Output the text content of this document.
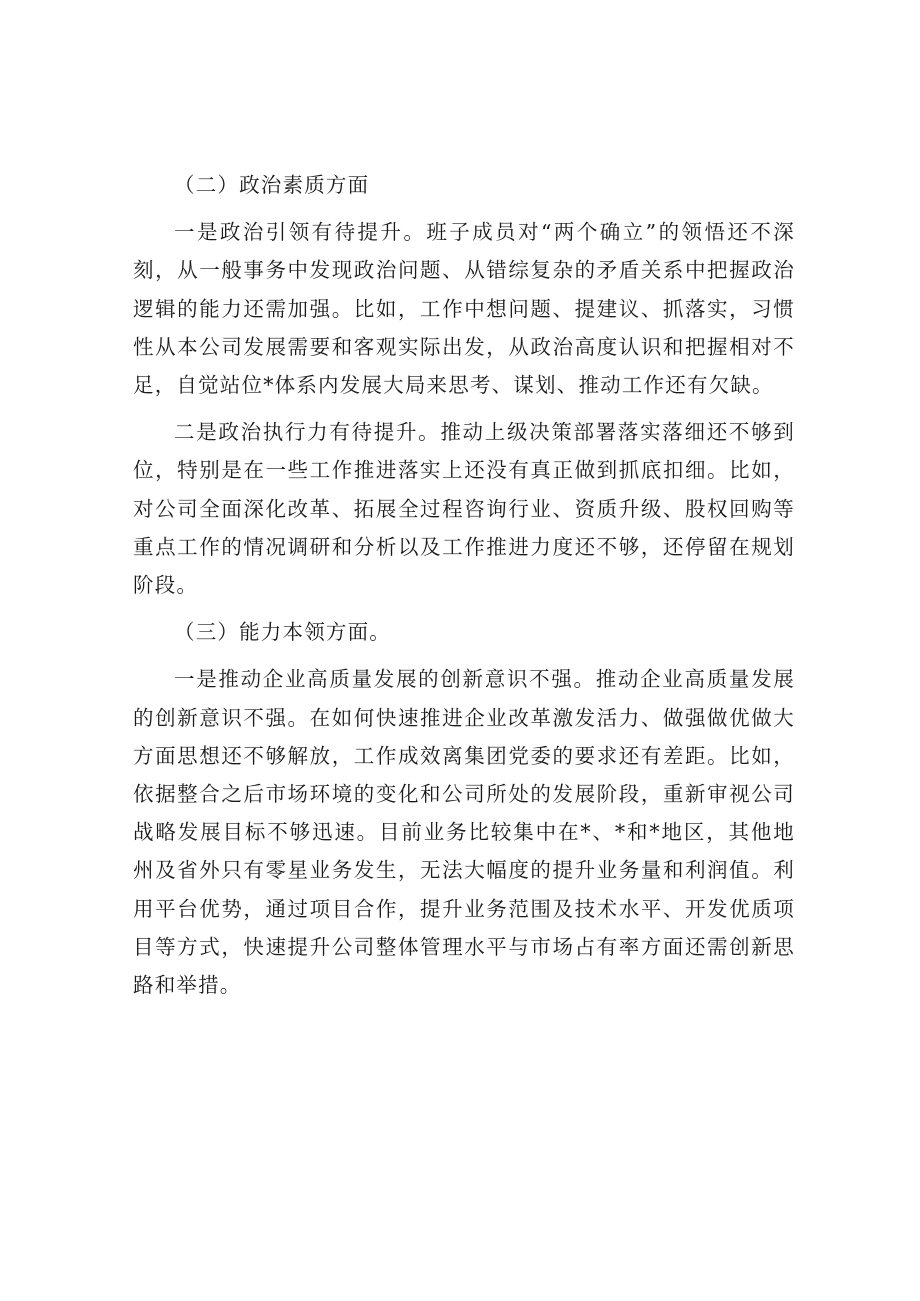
（二）政治素质方面

一是政治引领有待提升。班子成员对“两个确立”的领悟还不深刻，从一般事务中发现政治问题、从错综复杂的矛盾关系中把握政治逻辑的能力还需加强。比如，工作中想问题、提建议、抓落实，习惯性从本公司发展需要和客观实际出发，从政治高度认识和把握相对不足，自觉站位*体系内发展大局来思考、谋划、推动工作还有欠缺。

二是政治执行力有待提升。推动上级决策部署落实落细还不够到位，特别是在一些工作推进落实上还没有真正做到抓底扣细。比如，对公司全面深化改革、拓展全过程咨询行业、资质升级、股权回购等重点工作的情况调研和分析以及工作推进力度还不够，还停留在规划阶段。

（三）能力本领方面。

一是推动企业高质量发展的创新意识不强。推动企业高质量发展的创新意识不强。在如何快速推进企业改革激发活力、做强做优做大方面思想还不够解放，工作成效离集团党委的要求还有差距。比如，依据整合之后市场环境的变化和公司所处的发展阶段，重新审视公司战略发展目标不够迅速。目前业务比较集中在*、*和*地区，其他地州及省外只有零星业务发生，无法大幅度的提升业务量和利润值。利用平台优势，通过项目合作，提升业务范围及技术水平、开发优质项目等方式，快速提升公司整体管理水平与市场占有率方面还需创新思路和举措。
